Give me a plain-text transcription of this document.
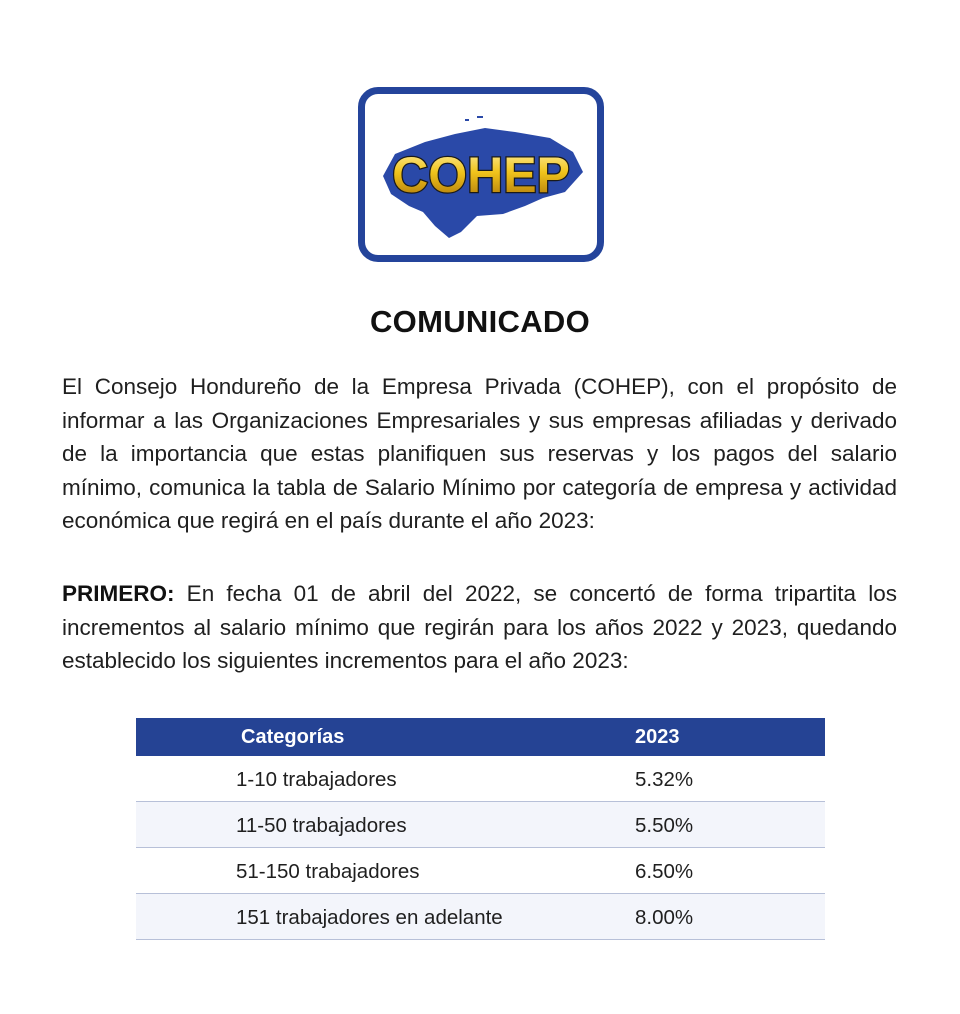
COHEP
COMUNICADO
El Consejo Hondureño de la Empresa Privada (COHEP), con el propósito de informar a las Organizaciones Empresariales y sus empresas afiliadas y derivado de la importancia que estas planifiquen sus reservas y los pagos del salario mínimo, comunica la tabla de Salario Mínimo por categoría de empresa y actividad económica que regirá en el país durante el año 2023:
PRIMERO: En fecha 01 de abril del 2022, se concertó de forma tripartita los incrementos al salario mínimo que regirán para los años 2022 y 2023, quedando establecido los siguientes incrementos para el año 2023:
Categorías	2023
1-10 trabajadores	5.32%
11-50 trabajadores	5.50%
51-150 trabajadores	6.50%
151 trabajadores en adelante	8.00%
